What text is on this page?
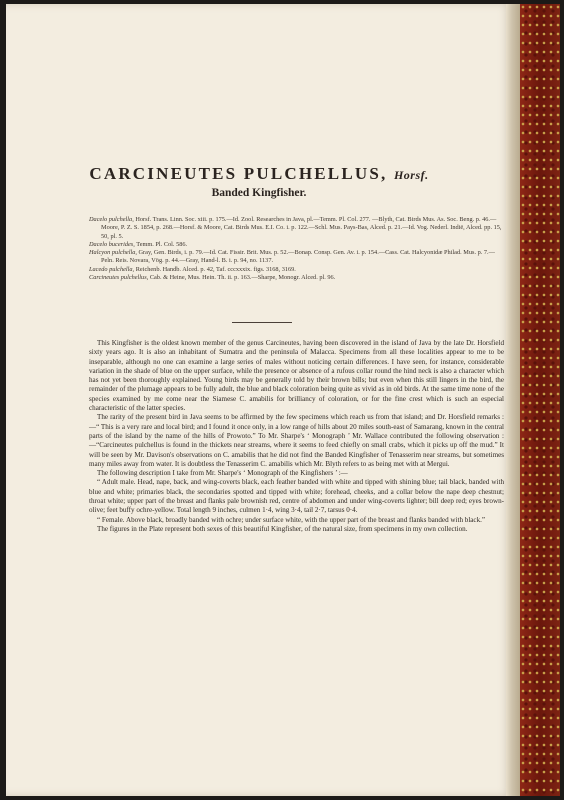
CARCINEUTES PULCHELLUS, Horsf.
Banded Kingfisher.

Dacelo pulchella, Horsf. Trans. Linn. Soc. xiii. p. 175.—Id. Zool. Researches in Java, pl.—Temm. Pl. Col. 277. —Blyth, Cat. Birds Mus. As. Soc. Beng. p. 46.—Moore, P. Z. S. 1854, p. 268.—Horsf. & Moore, Cat. Birds Mus. E.I. Co. i. p. 122.—Schl. Mus. Pays-Bas, Alced. p. 21.—Id. Vog. Nederl. Indië, Alced. pp. 15, 50, pl. 5.

Dacelo bucerides, Temm. Pl. Col. 586.

Halcyon pulchella, Gray, Gen. Birds, i. p. 79.—Id. Cat. Fissir. Brit. Mus. p. 52.—Bonap. Consp. Gen. Av. i. p. 154.—Cass. Cat. Halcyonidæ Philad. Mus. p. 7.—Peln. Reis. Novara, Vög. p. 44.—Gray, Hand-l. B. i. p. 94, no. 1137.

Lacedo pulchella, Reichenb. Handb. Alced. p. 42, Taf. cccxxxix. figs. 3168, 3169.

Carcineutes pulchellus, Cab. & Heine, Mus. Hein. Th. ii. p. 163.—Sharpe, Monogr. Alced. pl. 96.

This Kingfisher is the oldest known member of the genus Carcineutes, having been discovered in the island of Java by the late Dr. Horsfield sixty years ago. It is also an inhabitant of Sumatra and the peninsula of Malacca. Specimens from all these localities appear to me to be inseparable, although no one can examine a large series of males without noticing certain differences. I have seen, for instance, considerable variation in the shade of blue on the upper surface, while the presence or absence of a rufous collar round the hind neck is also a character which has not yet been thoroughly explained. Young birds may be generally told by their brown bills; but even when this still lingers in the bird, the remainder of the plumage appears to be fully adult, the blue and black coloration being quite as vivid as in old birds. At the same time none of the species examined by me come near the Siamese C. amabilis for brilliancy of coloration, or for the fine crest which is such an especial characteristic of the latter species.

The rarity of the present bird in Java seems to be affirmed by the few specimens which reach us from that island; and Dr. Horsfield remarks :—“ This is a very rare and local bird; and I found it once only, in a low range of hills about 20 miles south-east of Samarang, known in the central parts of the island by the name of the hills of Prowoto.” To Mr. Sharpe's ‘ Monograph ’ Mr. Wallace contributed the following observation :—“Carcineutes pulchellus is found in the thickets near streams, where it seems to feed chiefly on small crabs, which it picks up off the mud.” It will be seen by Mr. Davison's observations on C. amabilis that he did not find the Banded Kingfisher of Tenasserim near streams, but sometimes many miles away from water. It is doubtless the Tenasserim C. amabilis which Mr. Blyth refers to as being met with at Mergui.

The following description I take from Mr. Sharpe's ‘ Monograph of the Kingfishers ’ :—

“ Adult male. Head, nape, back, and wing-coverts black, each feather banded with white and tipped with shining blue; tail black, banded with blue and white; primaries black, the secondaries spotted and tipped with white; forehead, cheeks, and a collar below the nape deep chestnut; throat white; upper part of the breast and flanks pale brownish red, centre of abdomen and under wing-coverts lighter; bill deep red; eyes brown-olive; feet buffy ochre-yellow. Total length 9 inches, culmen 1·4, wing 3·4, tail 2·7, tarsus 0·4.

“ Female. Above black, broadly banded with ochre; under surface white, with the upper part of the breast and flanks banded with black.”

The figures in the Plate represent both sexes of this beautiful Kingfisher, of the natural size, from specimens in my own collection.
